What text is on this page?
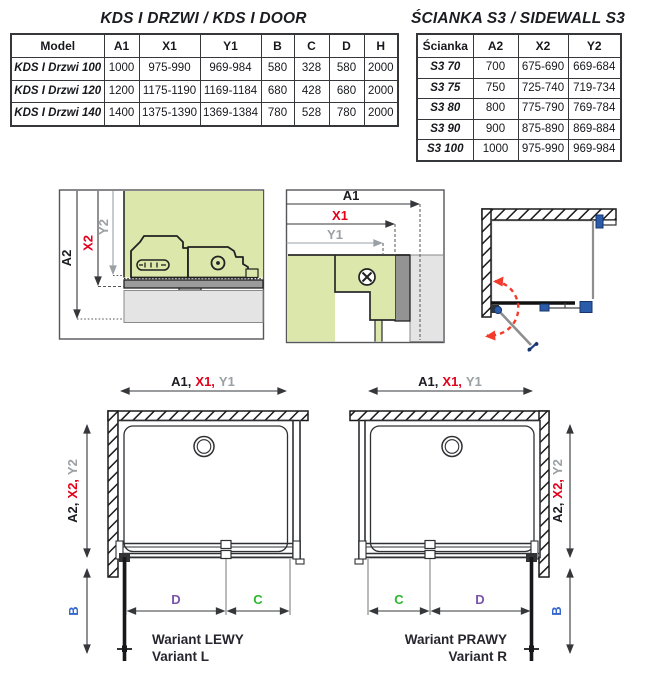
KDS I DRZWI / KDS I DOOR	ŚCIANKA S3 / SIDEWALL S3
Model	A1	X1	Y1	B	C	D	H
KDS I Drzwi 100	1000	975-990	969-984	580	328	580	2000
KDS I Drzwi 120	1200	1175-1190	1169-1184	680	428	680	2000
KDS I Drzwi 140	1400	1375-1390	1369-1384	780	528	780	2000
Ścianka	A2	X2	Y2
S3 70	700	675-690	669-684
S3 75	750	725-740	719-734
S3 80	800	775-790	769-784
S3 90	900	875-890	869-884
S3 100	1000	975-990	969-984
A2
X2
Y2
A1
X1
Y1
A1, X1, Y1
A2,X2,Y2
B
D	C
Wariant LEWY
Variant L
A1, X1, Y1
A2,X2,Y2
B
C	D
Wariant PRAWY
Variant R
